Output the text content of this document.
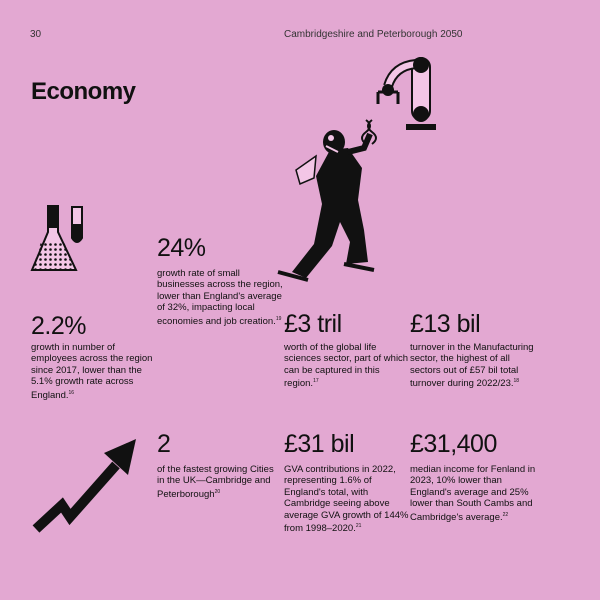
30	Cambridgeshire and Peterborough 2050
Economy
2.2%
growth in number of employees across the region since 2017, lower than the 5.1% growth rate across England.$^{16}$
24%
growth rate of small businesses across the region, lower than England's average of 32%, impacting local economies and job creation.$^{19}$ £3 tril
worth of the global life sciences sector, part of which can be captured in this region.$^{17}$
£13 bil
turnover in the Manufacturing sector, the highest of all sectors out of £57 bil total turnover during 2022/23.18
2
of the fastest growing Cities in the UK—Cambridge and Peterborough$^{20}$
£31 bil
GVA contributions in 2022, representing 1.6% of England's total, with Cambridge seeing above average GVA growth of 144% from 1998–2020.21
£31,400
median income for Fenland in 2023, 10% lower than England's average and 25% lower than South Cambs and Cambridge's average.$^{22}$
